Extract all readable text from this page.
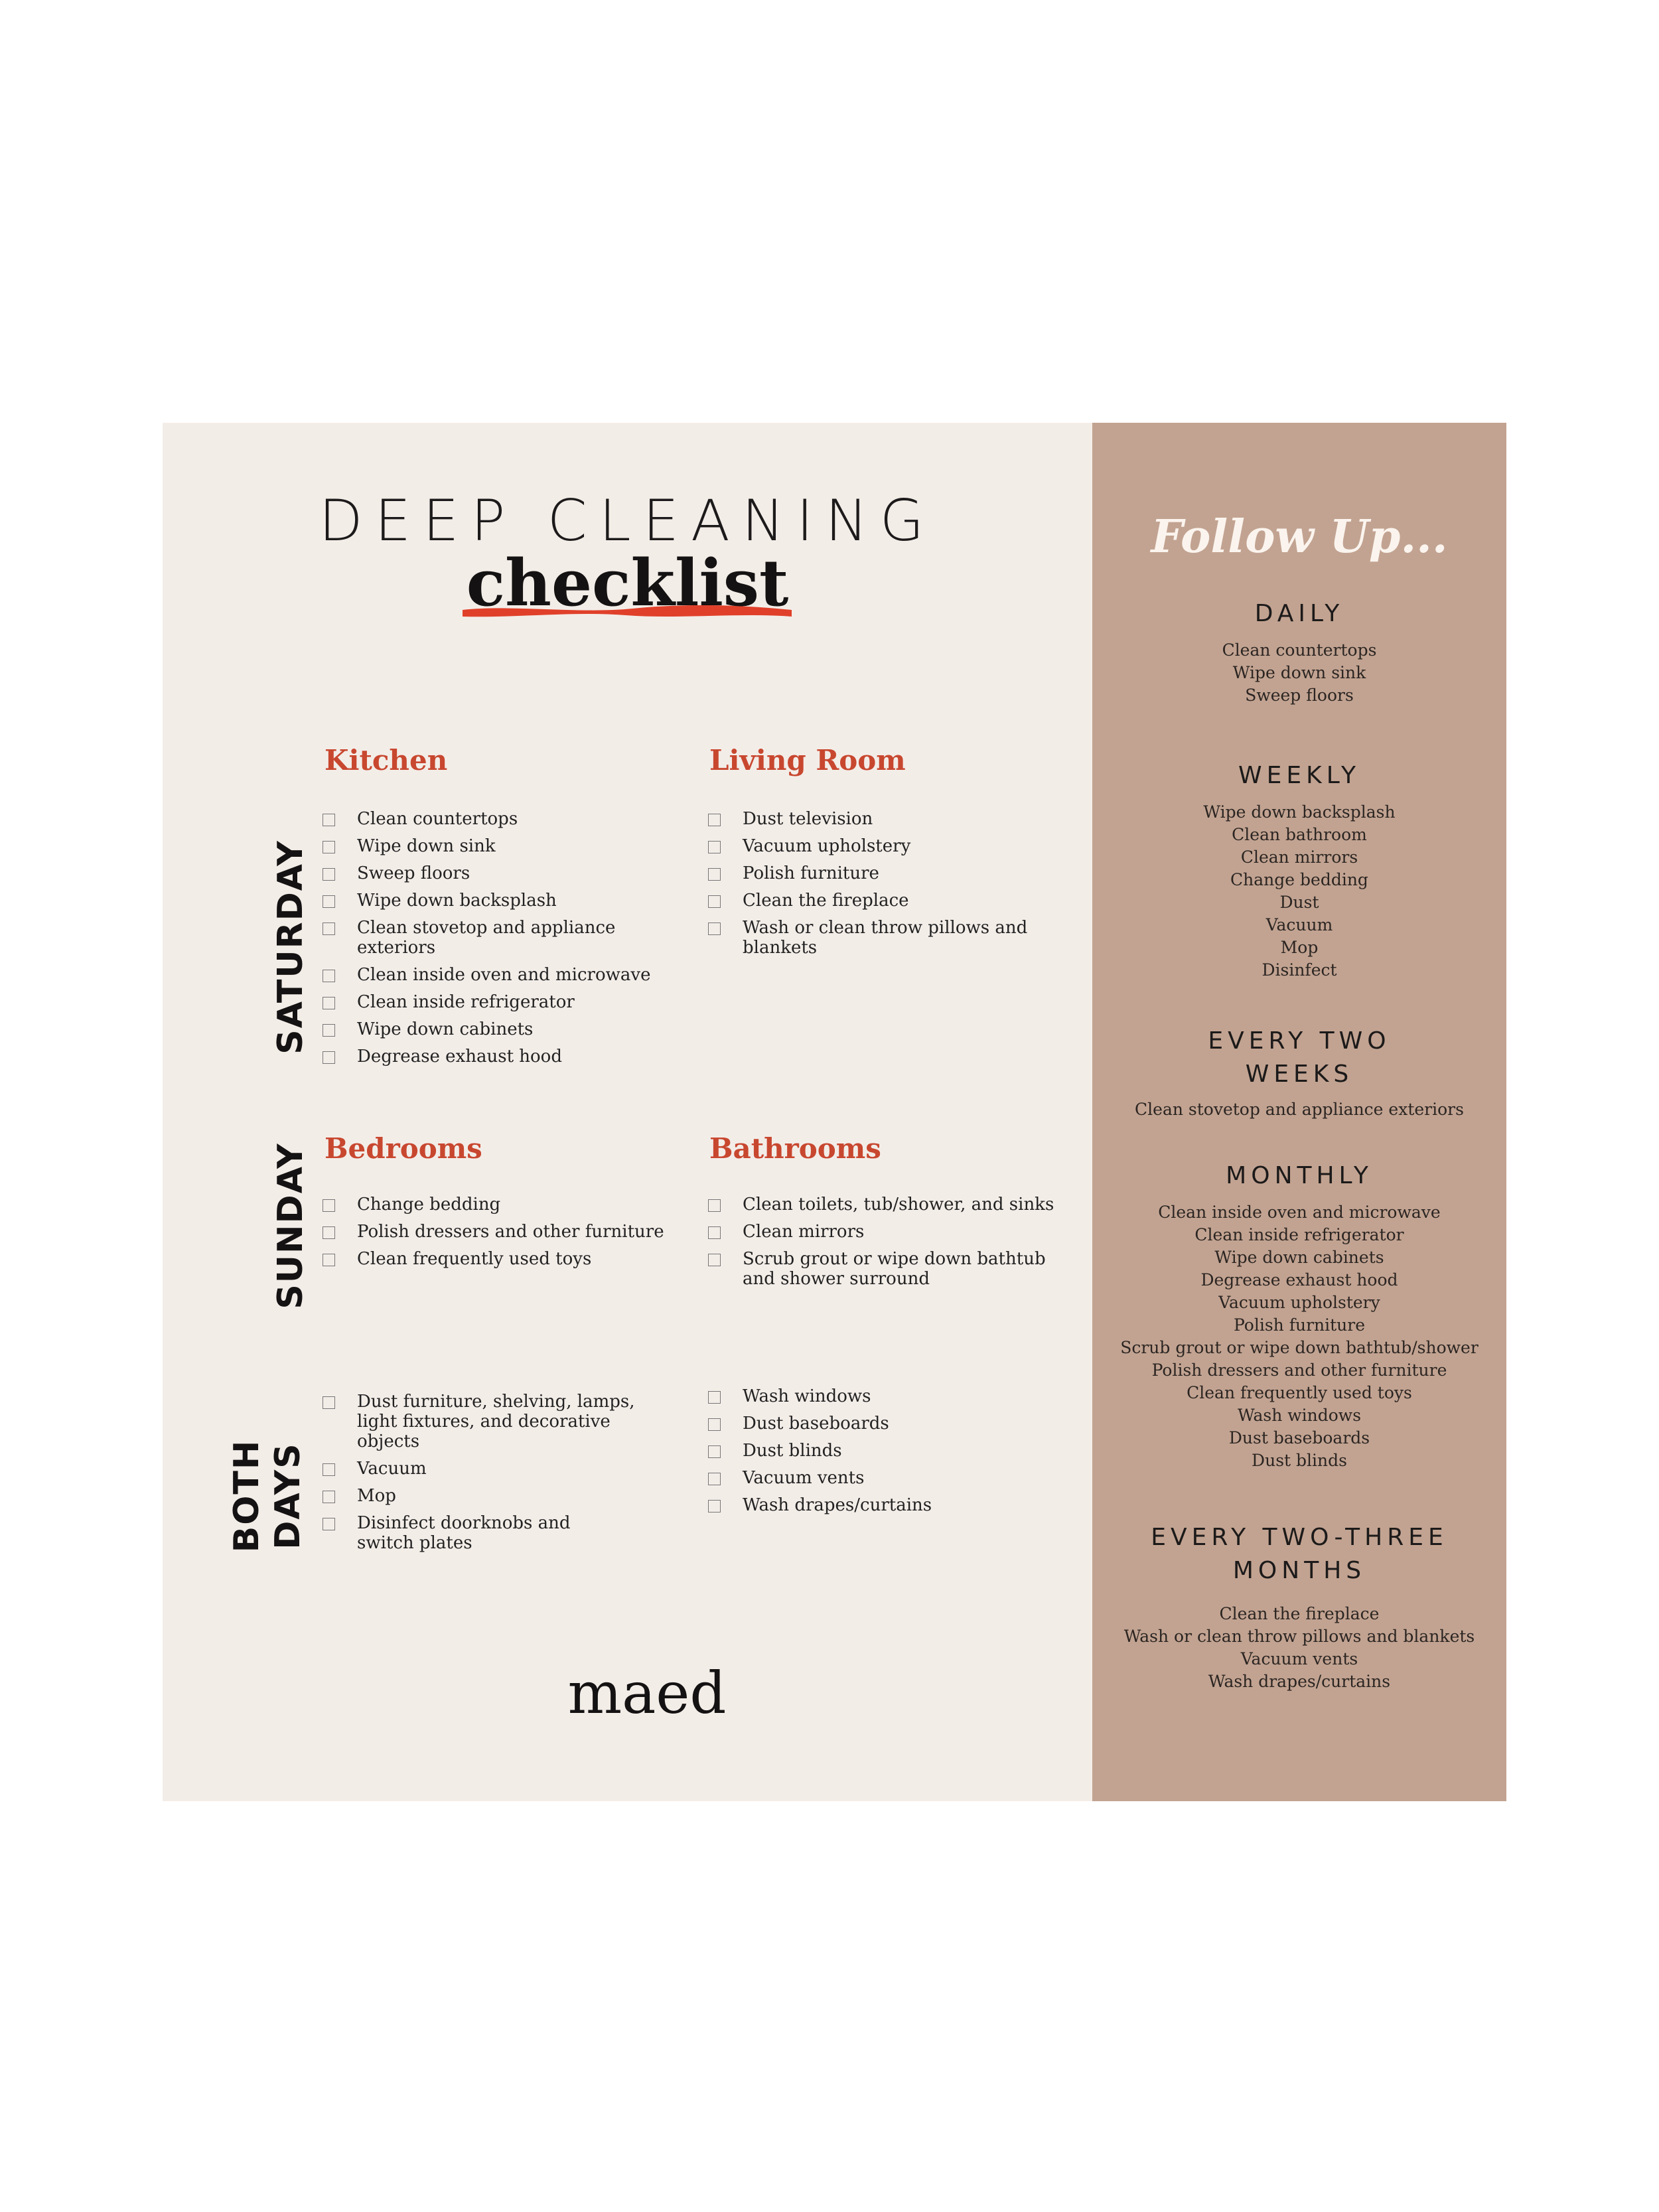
DEEP CLEANING
checklist
SATURDAY
SUNDAY
BOTH
DAYS
Kitchen	Living Room
Bedrooms	Bathrooms
Clean countertops
Wipe down sink
Sweep floors
Wipe down backsplash
Clean stovetop and appliance exteriors
Clean inside oven and microwave
Clean inside refrigerator
Wipe down cabinets
Degrease exhaust hood
Dust television
Vacuum upholstery
Polish furniture
Clean the fireplace
Wash or clean throw pillows and blankets
Change bedding
Polish dressers and other furniture
Clean frequently used toys
Clean toilets, tub/shower, and sinks
Clean mirrors
Scrub grout or wipe down bathtub and shower surround
Dust furniture, shelving, lamps, light fixtures, and decorative objects
Vacuum
Mop
Disinfect doorknobs and switch plates
Wash windows
Dust baseboards
Dust blinds
Vacuum vents
Wash drapes/curtains
maed
Follow Up...
DAILY
Clean countertops
Wipe down sink
Sweep floors
WEEKLY
Wipe down backsplash
Clean bathroom
Clean mirrors
Change bedding
Dust
Vacuum
Mop
Disinfect
EVERY TWO
WEEKS
Clean stovetop and appliance exteriors
MONTHLY
Clean inside oven and microwave
Clean inside refrigerator
Wipe down cabinets
Degrease exhaust hood
Vacuum upholstery
Polish furniture
Scrub grout or wipe down bathtub/shower
Polish dressers and other furniture
Clean frequently used toys
Wash windows
Dust baseboards
Dust blinds
EVERY TWO-THREE
MONTHS
Clean the fireplace
Wash or clean throw pillows and blankets
Vacuum vents
Wash drapes/curtains
